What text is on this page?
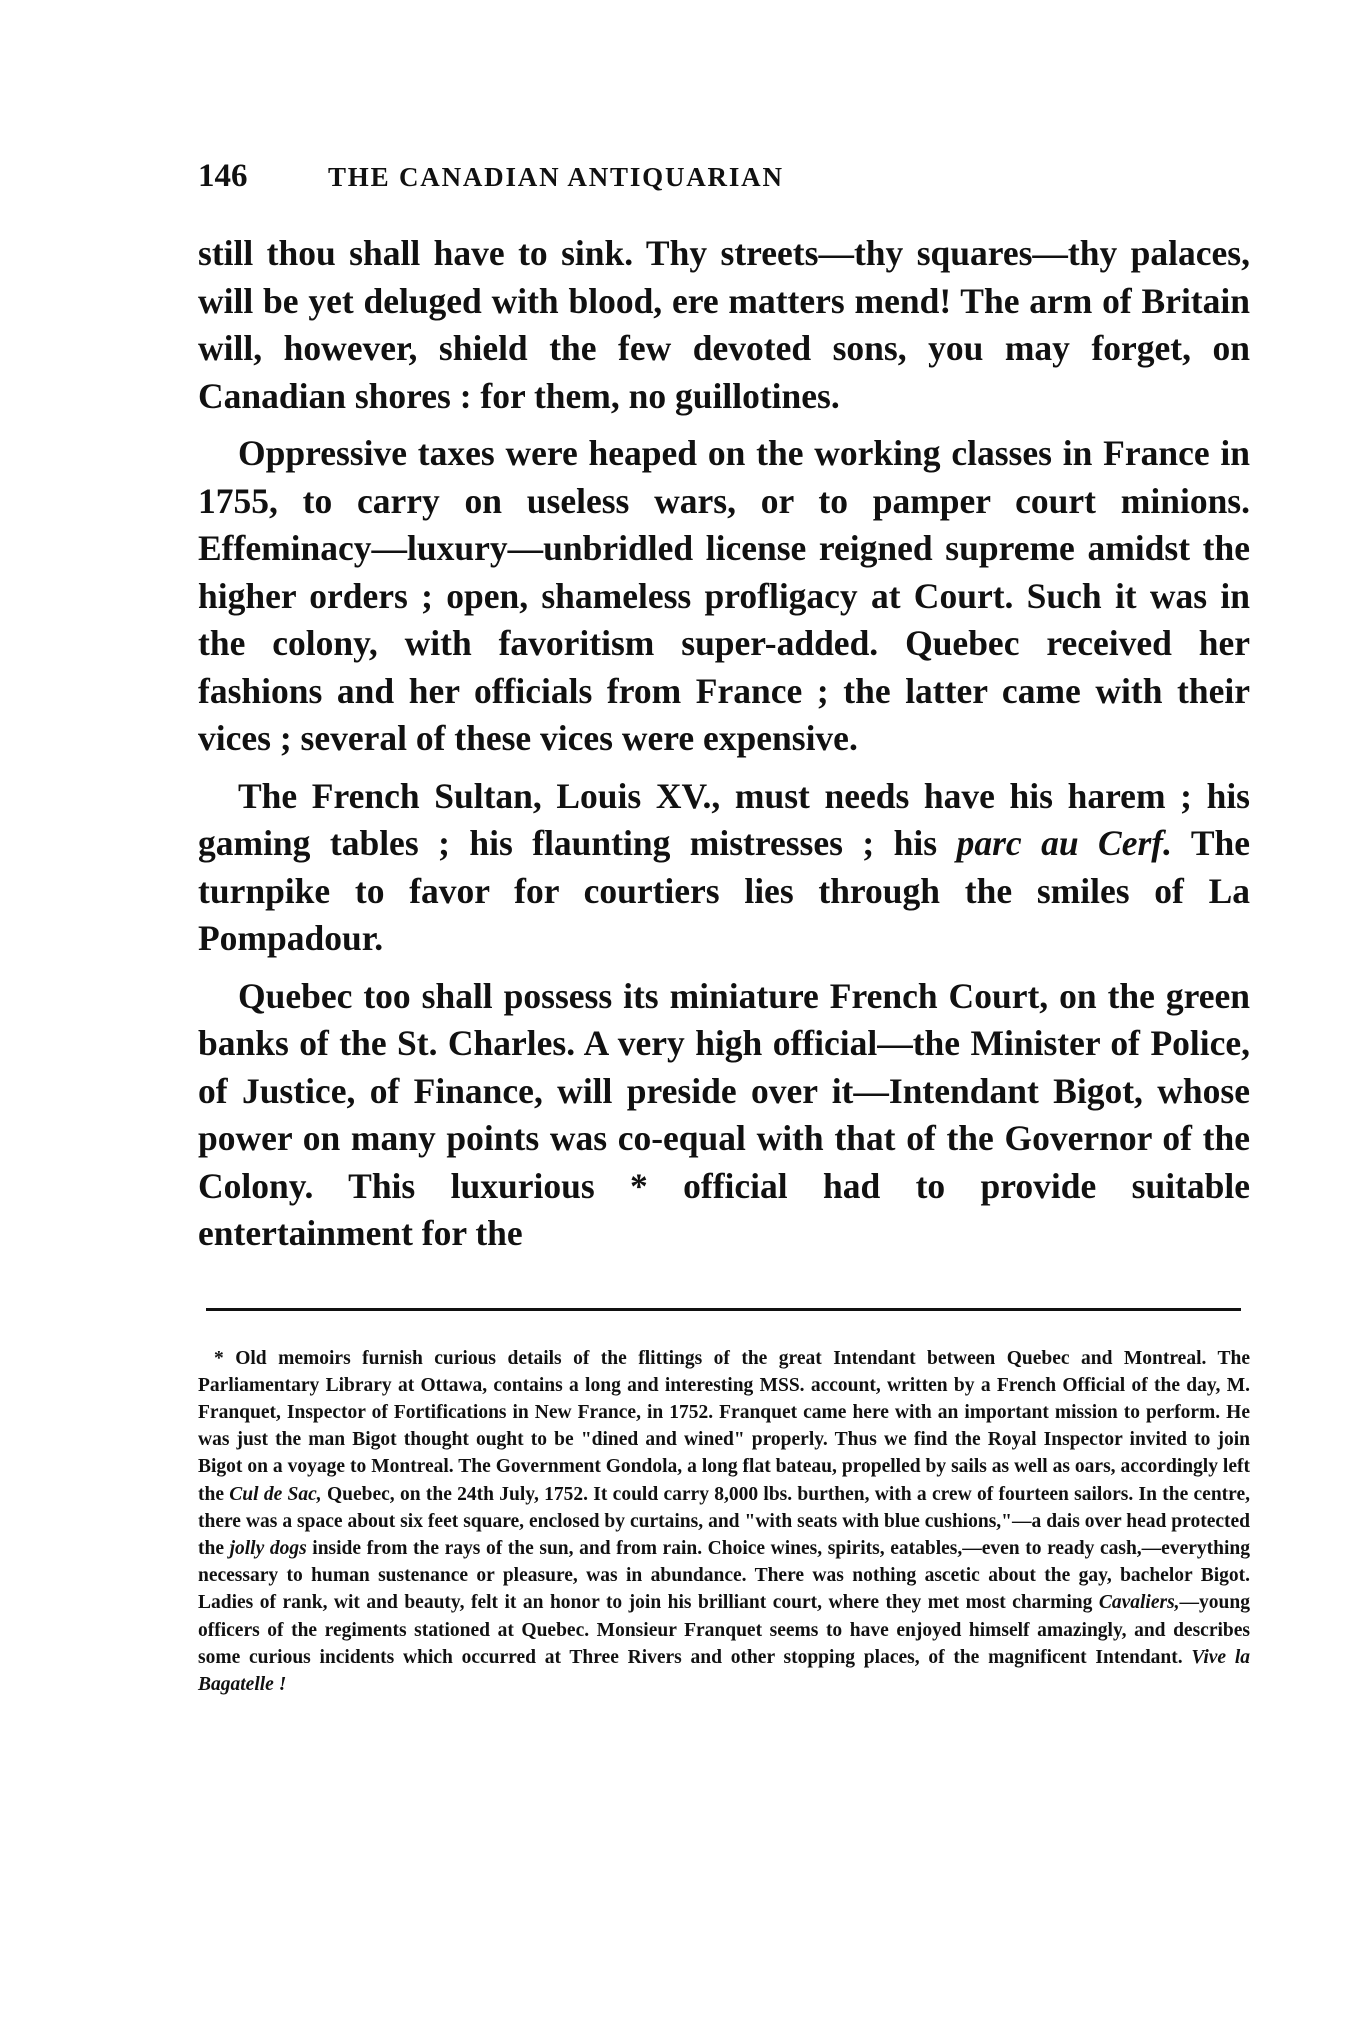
146	THE CANADIAN ANTIQUARIAN

still thou shall have to sink. Thy streets—thy squares—thy palaces, will be yet deluged with blood, ere matters mend! The arm of Britain will, however, shield the few devoted sons, you may forget, on Canadian shores : for them, no guillotines.

Oppressive taxes were heaped on the working classes in France in 1755, to carry on useless wars, or to pamper court minions. Effeminacy—luxury—unbridled license reigned supreme amidst the higher orders ; open, shameless profligacy at Court. Such it was in the colony, with favoritism super-added. Quebec received her fashions and her officials from France ; the latter came with their vices ; several of these vices were expensive.

The French Sultan, Louis XV., must needs have his harem ; his gaming tables ; his flaunting mistresses ; his parc au Cerf. The turnpike to favor for courtiers lies through the smiles of La Pompadour.

Quebec too shall possess its miniature French Court, on the green banks of the St. Charles. A very high official—the Minister of Police, of Justice, of Finance, will preside over it—Intendant Bigot, whose power on many points was co-equal with that of the Governor of the Colony. This luxurious * official had to provide suitable entertainment for the

* Old memoirs furnish curious details of the flittings of the great Intendant between Quebec and Montreal. The Parliamentary Library at Ottawa, contains a long and interesting MSS. account, written by a French Official of the day, M. Franquet, Inspector of Fortifications in New France, in 1752. Franquet came here with an important mission to perform. He was just the man Bigot thought ought to be "dined and wined" properly. Thus we find the Royal Inspector invited to join Bigot on a voyage to Montreal. The Government Gondola, a long flat bateau, propelled by sails as well as oars, accordingly left the Cul de Sac, Quebec, on the 24th July, 1752. It could carry 8,000 lbs. burthen, with a crew of fourteen sailors. In the centre, there was a space about six feet square, enclosed by curtains, and "with seats with blue cushions,"—a dais over head protected the jolly dogs inside from the rays of the sun, and from rain. Choice wines, spirits, eatables,—even to ready cash,—everything necessary to human sustenance or pleasure, was in abundance. There was nothing ascetic about the gay, bachelor Bigot. Ladies of rank, wit and beauty, felt it an honor to join his brilliant court, where they met most charming Cavaliers,—young officers of the regiments stationed at Quebec. Monsieur Franquet seems to have enjoyed himself amazingly, and describes some curious incidents which occurred at Three Rivers and other stopping places, of the magnificent Intendant. Vive la Bagatelle !
